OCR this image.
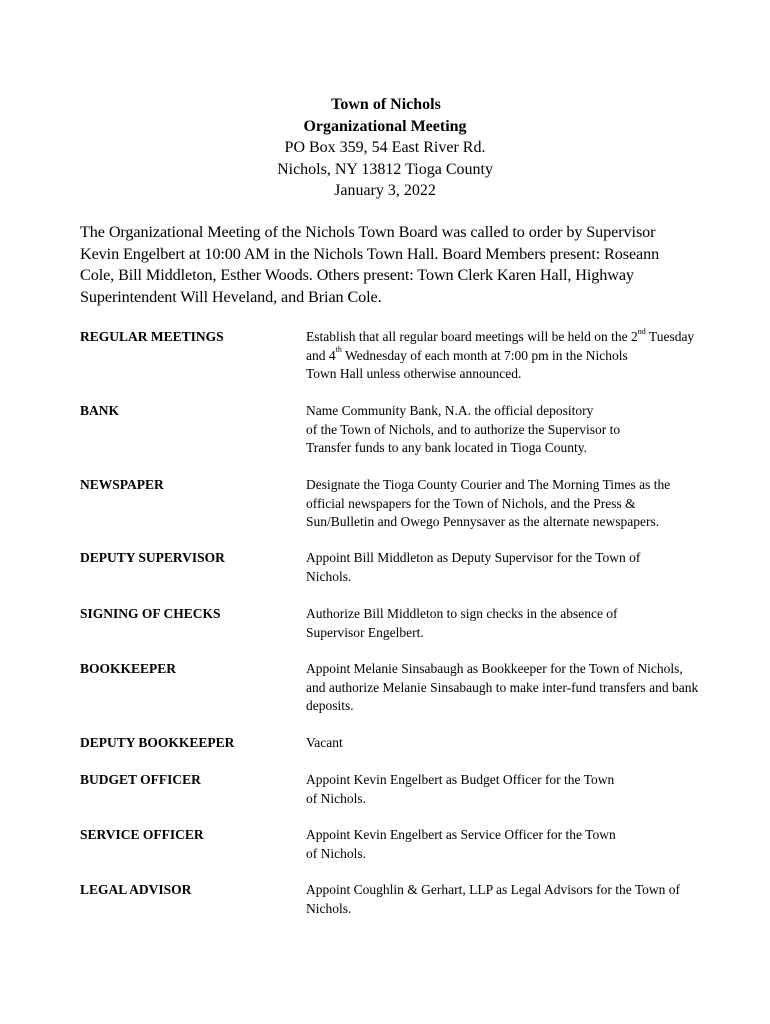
Town of Nichols
Organizational Meeting
PO Box 359, 54 East River Rd.
Nichols, NY 13812 Tioga County
January 3, 2022
The Organizational Meeting of the Nichols Town Board was called to order by Supervisor
Kevin Engelbert at 10:00 AM in the Nichols Town Hall. Board Members present: Roseann
Cole, Bill Middleton, Esther Woods. Others present: Town Clerk Karen Hall, Highway
Superintendent Will Heveland, and Brian Cole.
REGULAR MEETINGS	Establish that all regular board meetings will be held on the 2nd Tuesday
and 4th Wednesday of each month at 7:00 pm in the Nichols
Town Hall unless otherwise announced.
BANK	Name Community Bank, N.A. the official depository
of the Town of Nichols, and to authorize the Supervisor to
Transfer funds to any bank located in Tioga County.
NEWSPAPER	Designate the Tioga County Courier and The Morning Times as the
official newspapers for the Town of Nichols, and the Press &
Sun/Bulletin and Owego Pennysaver as the alternate newspapers.
DEPUTY SUPERVISOR	Appoint Bill Middleton as Deputy Supervisor for the Town of
Nichols.
SIGNING OF CHECKS	Authorize Bill Middleton to sign checks in the absence of
Supervisor Engelbert.
BOOKKEEPER	Appoint Melanie Sinsabaugh as Bookkeeper for the Town of Nichols,
and authorize Melanie Sinsabaugh to make inter-fund transfers and bank
deposits.
DEPUTY BOOKKEEPER	Vacant
BUDGET OFFICER	Appoint Kevin Engelbert as Budget Officer for the Town
of Nichols.
SERVICE OFFICER	Appoint Kevin Engelbert as Service Officer for the Town
of Nichols.
LEGAL ADVISOR	Appoint Coughlin & Gerhart, LLP as Legal Advisors for the Town of
Nichols.
